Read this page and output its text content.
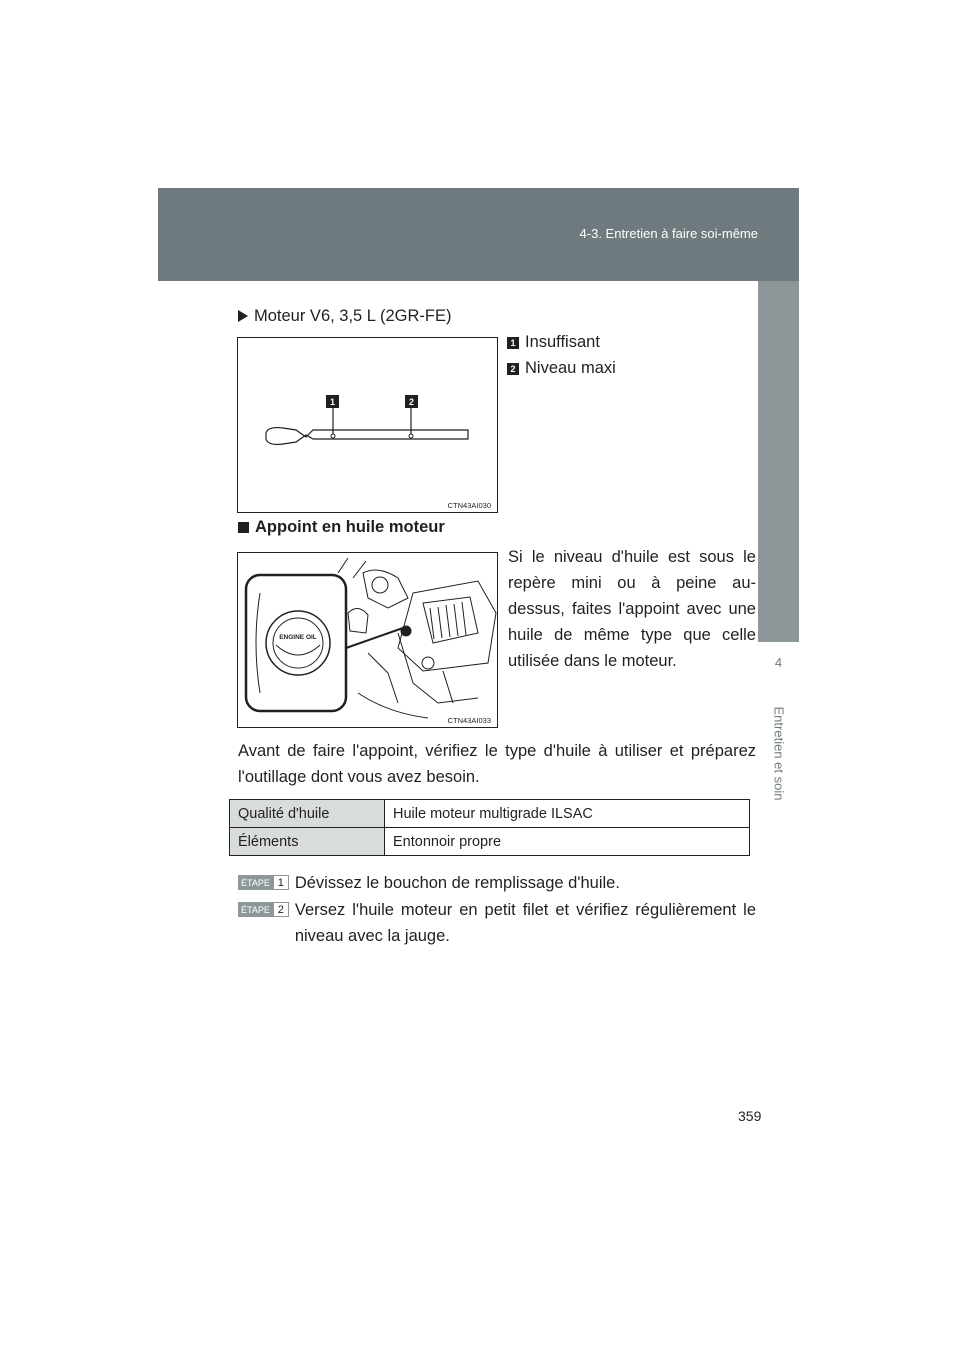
4-3. Entretien à faire soi-même
4
Entretien et soin
Moteur V6, 3,5 L (2GR-FE)
1	2
CTN43AI030
1 Insuffisant
2 Niveau maxi
Appoint en huile moteur
ENGINE OIL
CTN43AI033
Si le niveau d'huile est sous le repère mini ou à peine au-dessus, faites l'appoint avec une huile de même type que celle utilisée dans le moteur.
Avant de faire l'appoint, vérifiez le type d'huile à utiliser et préparez l'outillage dont vous avez besoin.
Qualité d'huile	Huile moteur multigrade ILSAC
Éléments	Entonnoir propre
ÉTAPE 1 Dévissez le bouchon de remplissage d'huile.
ÉTAPE 2 Versez l'huile moteur en petit filet et vérifiez régulièrement le niveau avec la jauge.
359
